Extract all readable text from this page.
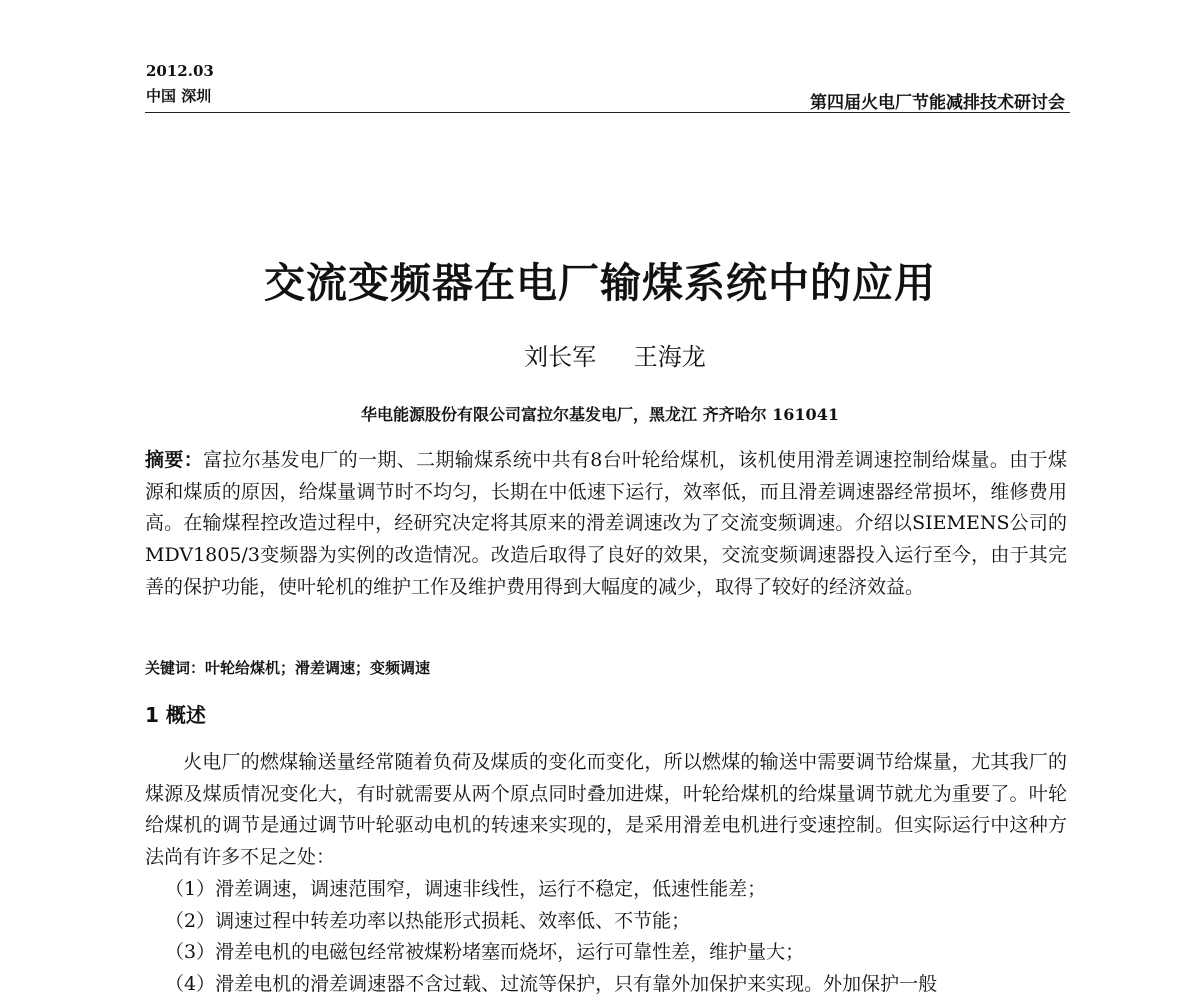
2012.03
中国 深圳	第四届火电厂节能减排技术研讨会
交流变频器在电厂输煤系统中的应用
刘长军 王海龙
华电能源股份有限公司富拉尔基发电厂，黑龙江 齐齐哈尔 161041

摘要：富拉尔基发电厂的一期、二期输煤系统中共有8台叶轮给煤机，该机使用滑差调速控制给煤量。由于煤源和煤质的原因，给煤量调节时不均匀，长期在中低速下运行，效率低，而且滑差调速器经常损坏，维修费用高。在输煤程控改造过程中，经研究决定将其原来的滑差调速改为了交流变频调速。介绍以SIEMENS公司的MDV1805/3变频器为实例的改造情况。改造后取得了良好的效果，交流变频调速器投入运行至今，由于其完善的保护功能，使叶轮机的维护工作及维护费用得到大幅度的减少，取得了较好的经济效益。

关键词：叶轮给煤机；滑差调速；变频调速
1 概述

火电厂的燃煤输送量经常随着负荷及煤质的变化而变化，所以燃煤的输送中需要调节给煤量，尤其我厂的煤源及煤质情况变化大，有时就需要从两个原点同时叠加进煤，叶轮给煤机的给煤量调节就尤为重要了。叶轮给煤机的调节是通过调节叶轮驱动电机的转速来实现的，是采用滑差电机进行变速控制。但实际运行中这种方法尚有许多不足之处：

（1）滑差调速，调速范围窄，调速非线性，运行不稳定，低速性能差；

（2）调速过程中转差功率以热能形式损耗、效率低、不节能；

（3）滑差电机的电磁包经常被煤粉堵塞而烧坏，运行可靠性差，维护量大；

（4）滑差电机的滑差调速器不含过载、过流等保护，只有靠外加保护来实现。外加保护一般
